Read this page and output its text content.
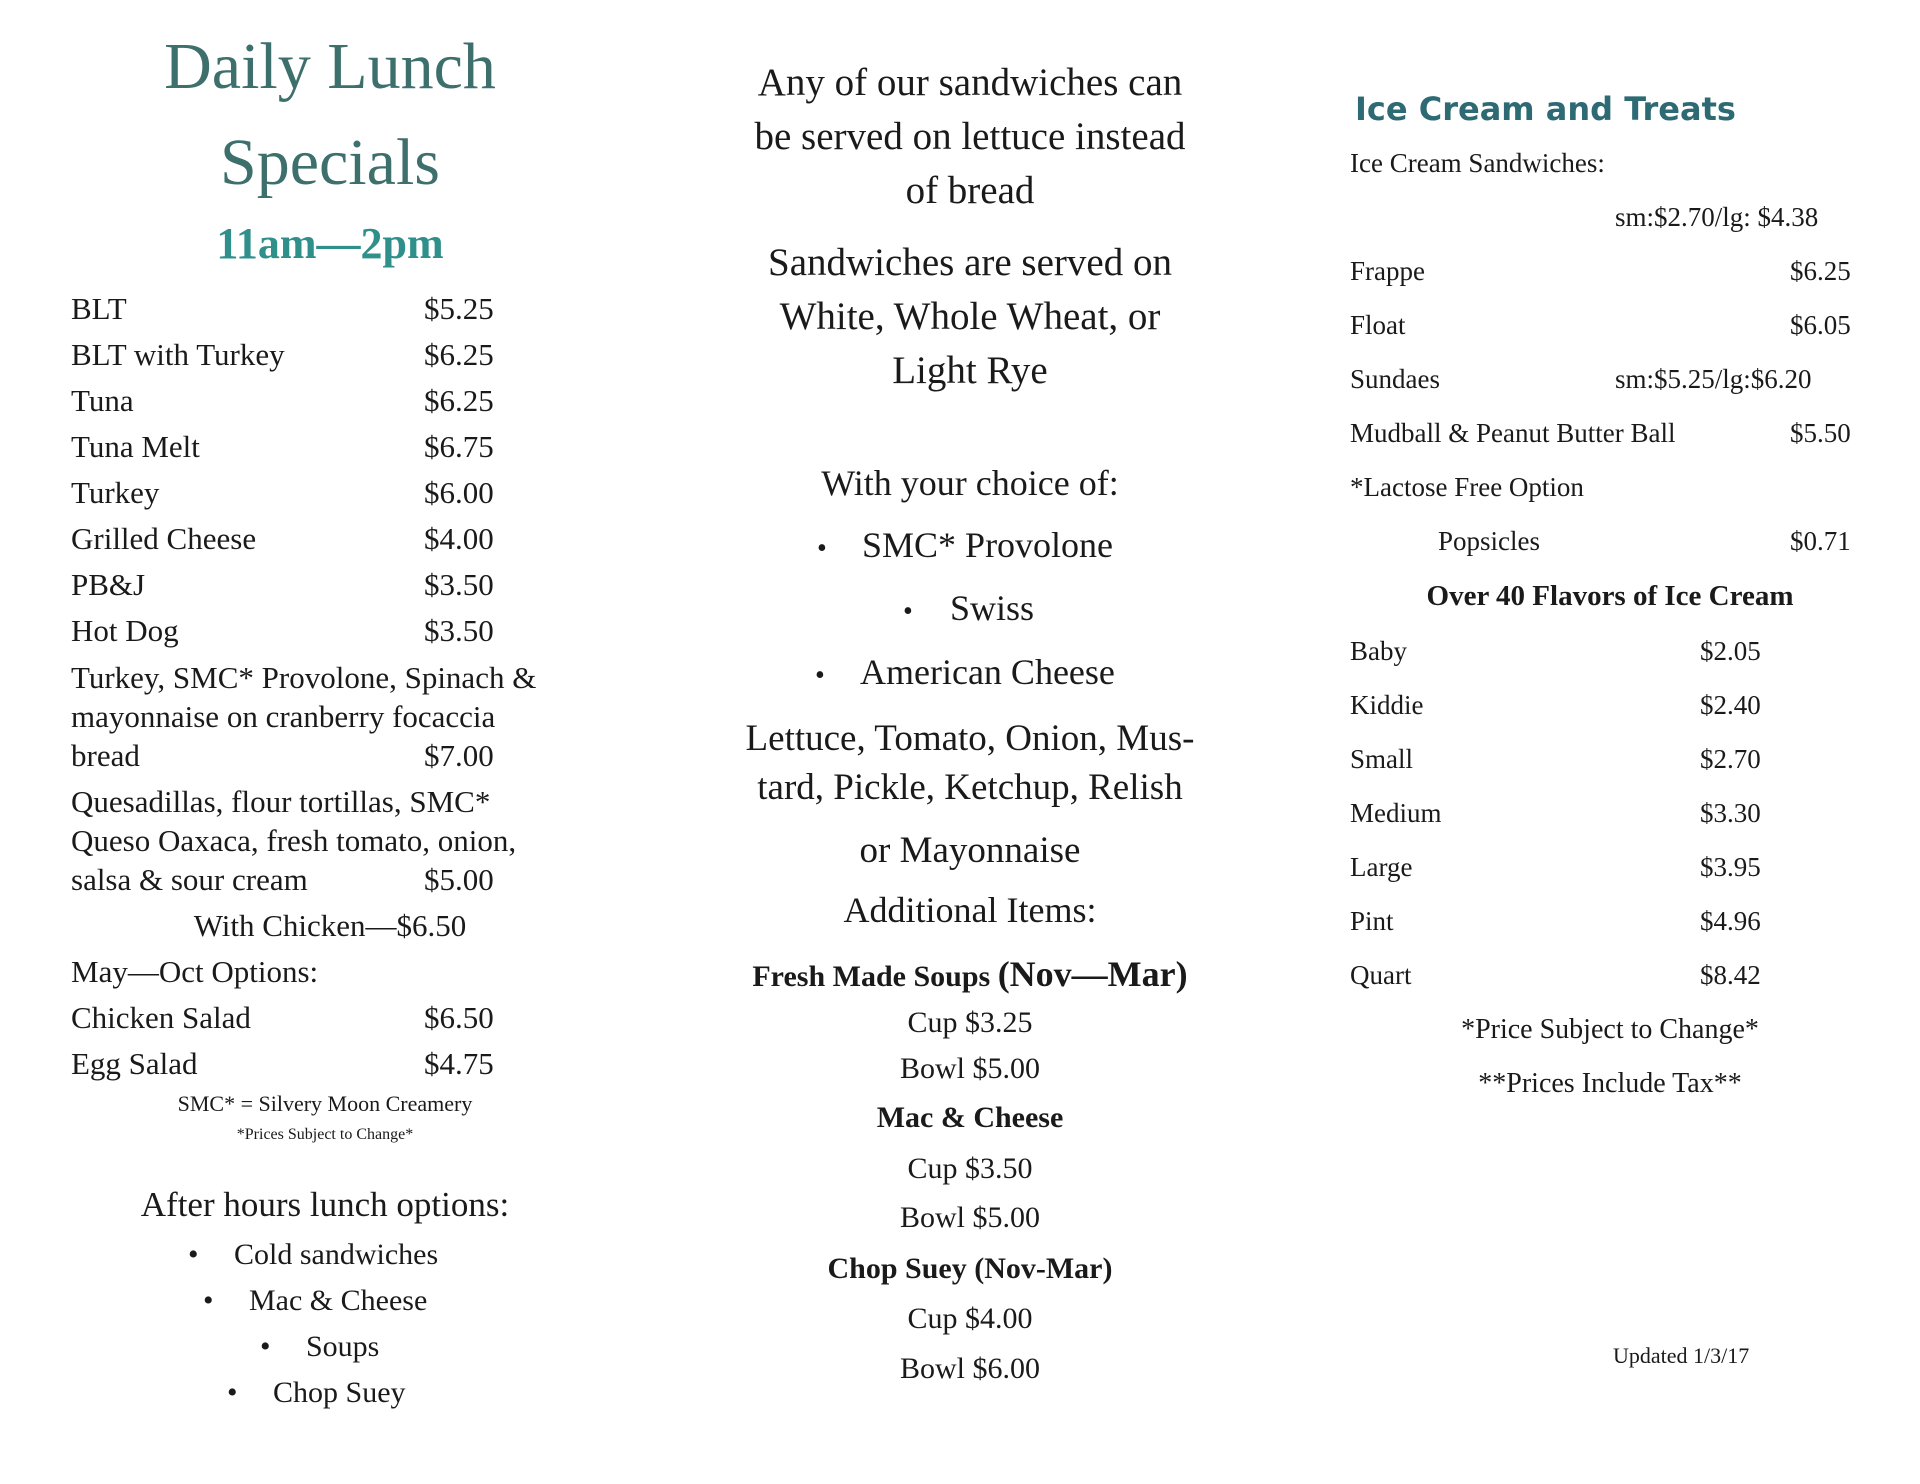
Daily Lunch
Specials
11am—2pm
BLT	$5.25
BLT with Turkey	$6.25
Tuna	$6.25
Tuna Melt	$6.75
Turkey	$6.00
Grilled Cheese	$4.00
PB&J	$3.50
Hot Dog	$3.50
Turkey, SMC* Provolone, Spinach &
mayonnaise on cranberry focaccia
bread	$7.00
Quesadillas, flour tortillas, SMC*
Queso Oaxaca, fresh tomato, onion,
salsa & sour cream	$5.00
With Chicken—$6.50
May—Oct Options:
Chicken Salad	$6.50
Egg Salad	$4.75
SMC* = Silvery Moon Creamery
*Prices Subject to Change*
After hours lunch options:
• Cold sandwiches
• Mac & Cheese
• Soups
• Chop Suey
Any of our sandwiches can
be served on lettuce instead
of bread
Sandwiches are served on
White, Whole Wheat, or
Light Rye
With your choice of:
• SMC* Provolone
• Swiss
• American Cheese
Lettuce, Tomato, Onion, Mus-
tard, Pickle, Ketchup, Relish
or Mayonnaise
Additional Items:
Fresh Made Soups (Nov—Mar)
Cup $3.25
Bowl $5.00
Mac & Cheese
Cup $3.50
Bowl $5.00
Chop Suey (Nov-Mar)
Cup $4.00
Bowl $6.00
Ice Cream and Treats
Ice Cream Sandwiches:
sm:$2.70/lg: $4.38
Frappe	$6.25
Float	$6.05
Sundaes	sm:$5.25/lg:$6.20
Mudball & Peanut Butter Ball	$5.50
*Lactose Free Option
Popsicles	$0.71
Over 40 Flavors of Ice Cream
Baby	$2.05
Kiddie	$2.40
Small	$2.70
Medium	$3.30
Large	$3.95
Pint	$4.96
Quart	$8.42
*Price Subject to Change*
**Prices Include Tax**
Updated 1/3/17
